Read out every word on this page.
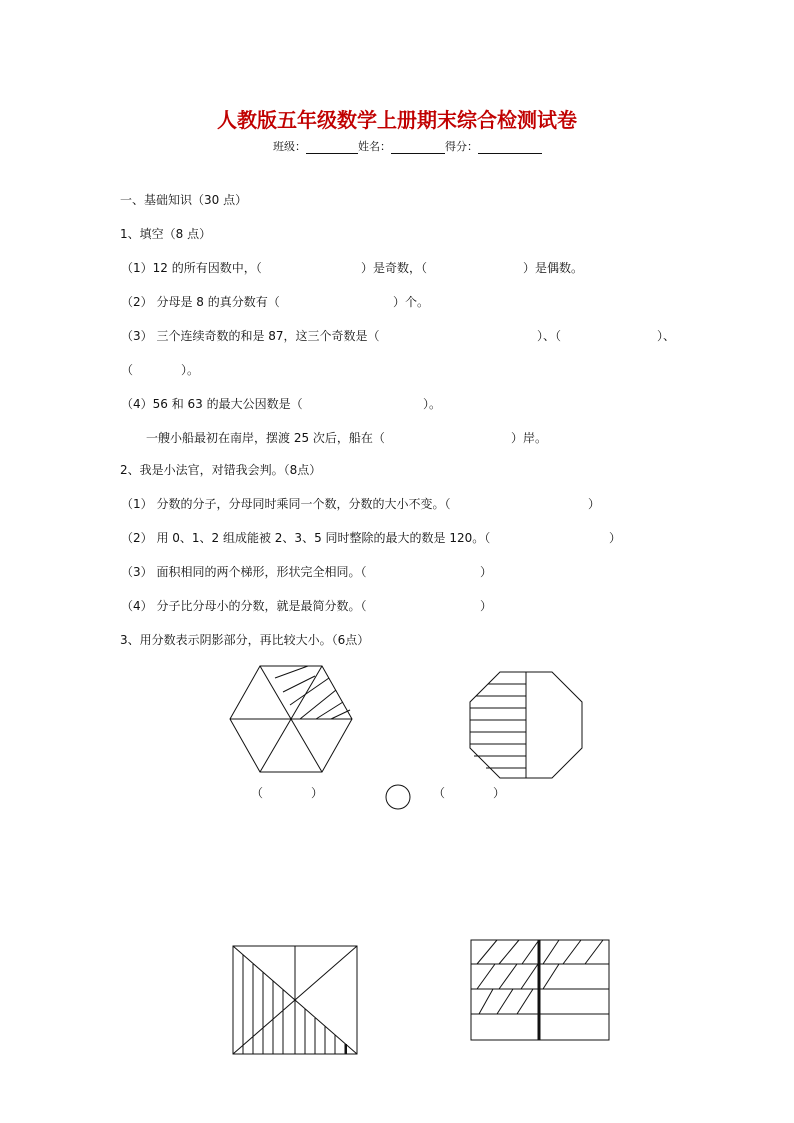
人教版五年级数学上册期末综合检测试卷
班级：	姓名：	得分：
一、基础知识（30 点）
1、填空（8 点）
（1）12 的所有因数中，（	）是奇数，（	）是偶数。
（2） 分母是 8 的真分数有（	）个。
（3） 三个连续奇数的和是 87，这三个奇数是（	）、（	）、
（	）。
（4）56 和 63 的最大公因数是（	）。
一艘小船最初在南岸，摆渡 25 次后，船在（	）岸。
2、我是小法官，对错我会判。（8点）
（1） 分数的分子，分母同时乘同一个数，分数的大小不变。（	）
（2） 用 0、1、2 组成能被 2、3、5 同时整除的最大的数是 120。（	）
（3） 面积相同的两个梯形，形状完全相同。（	）
（4） 分子比分母小的分数，就是最简分数。（	）
3、用分数表示阴影部分，再比较大小。（6点）
（	）	（	）
